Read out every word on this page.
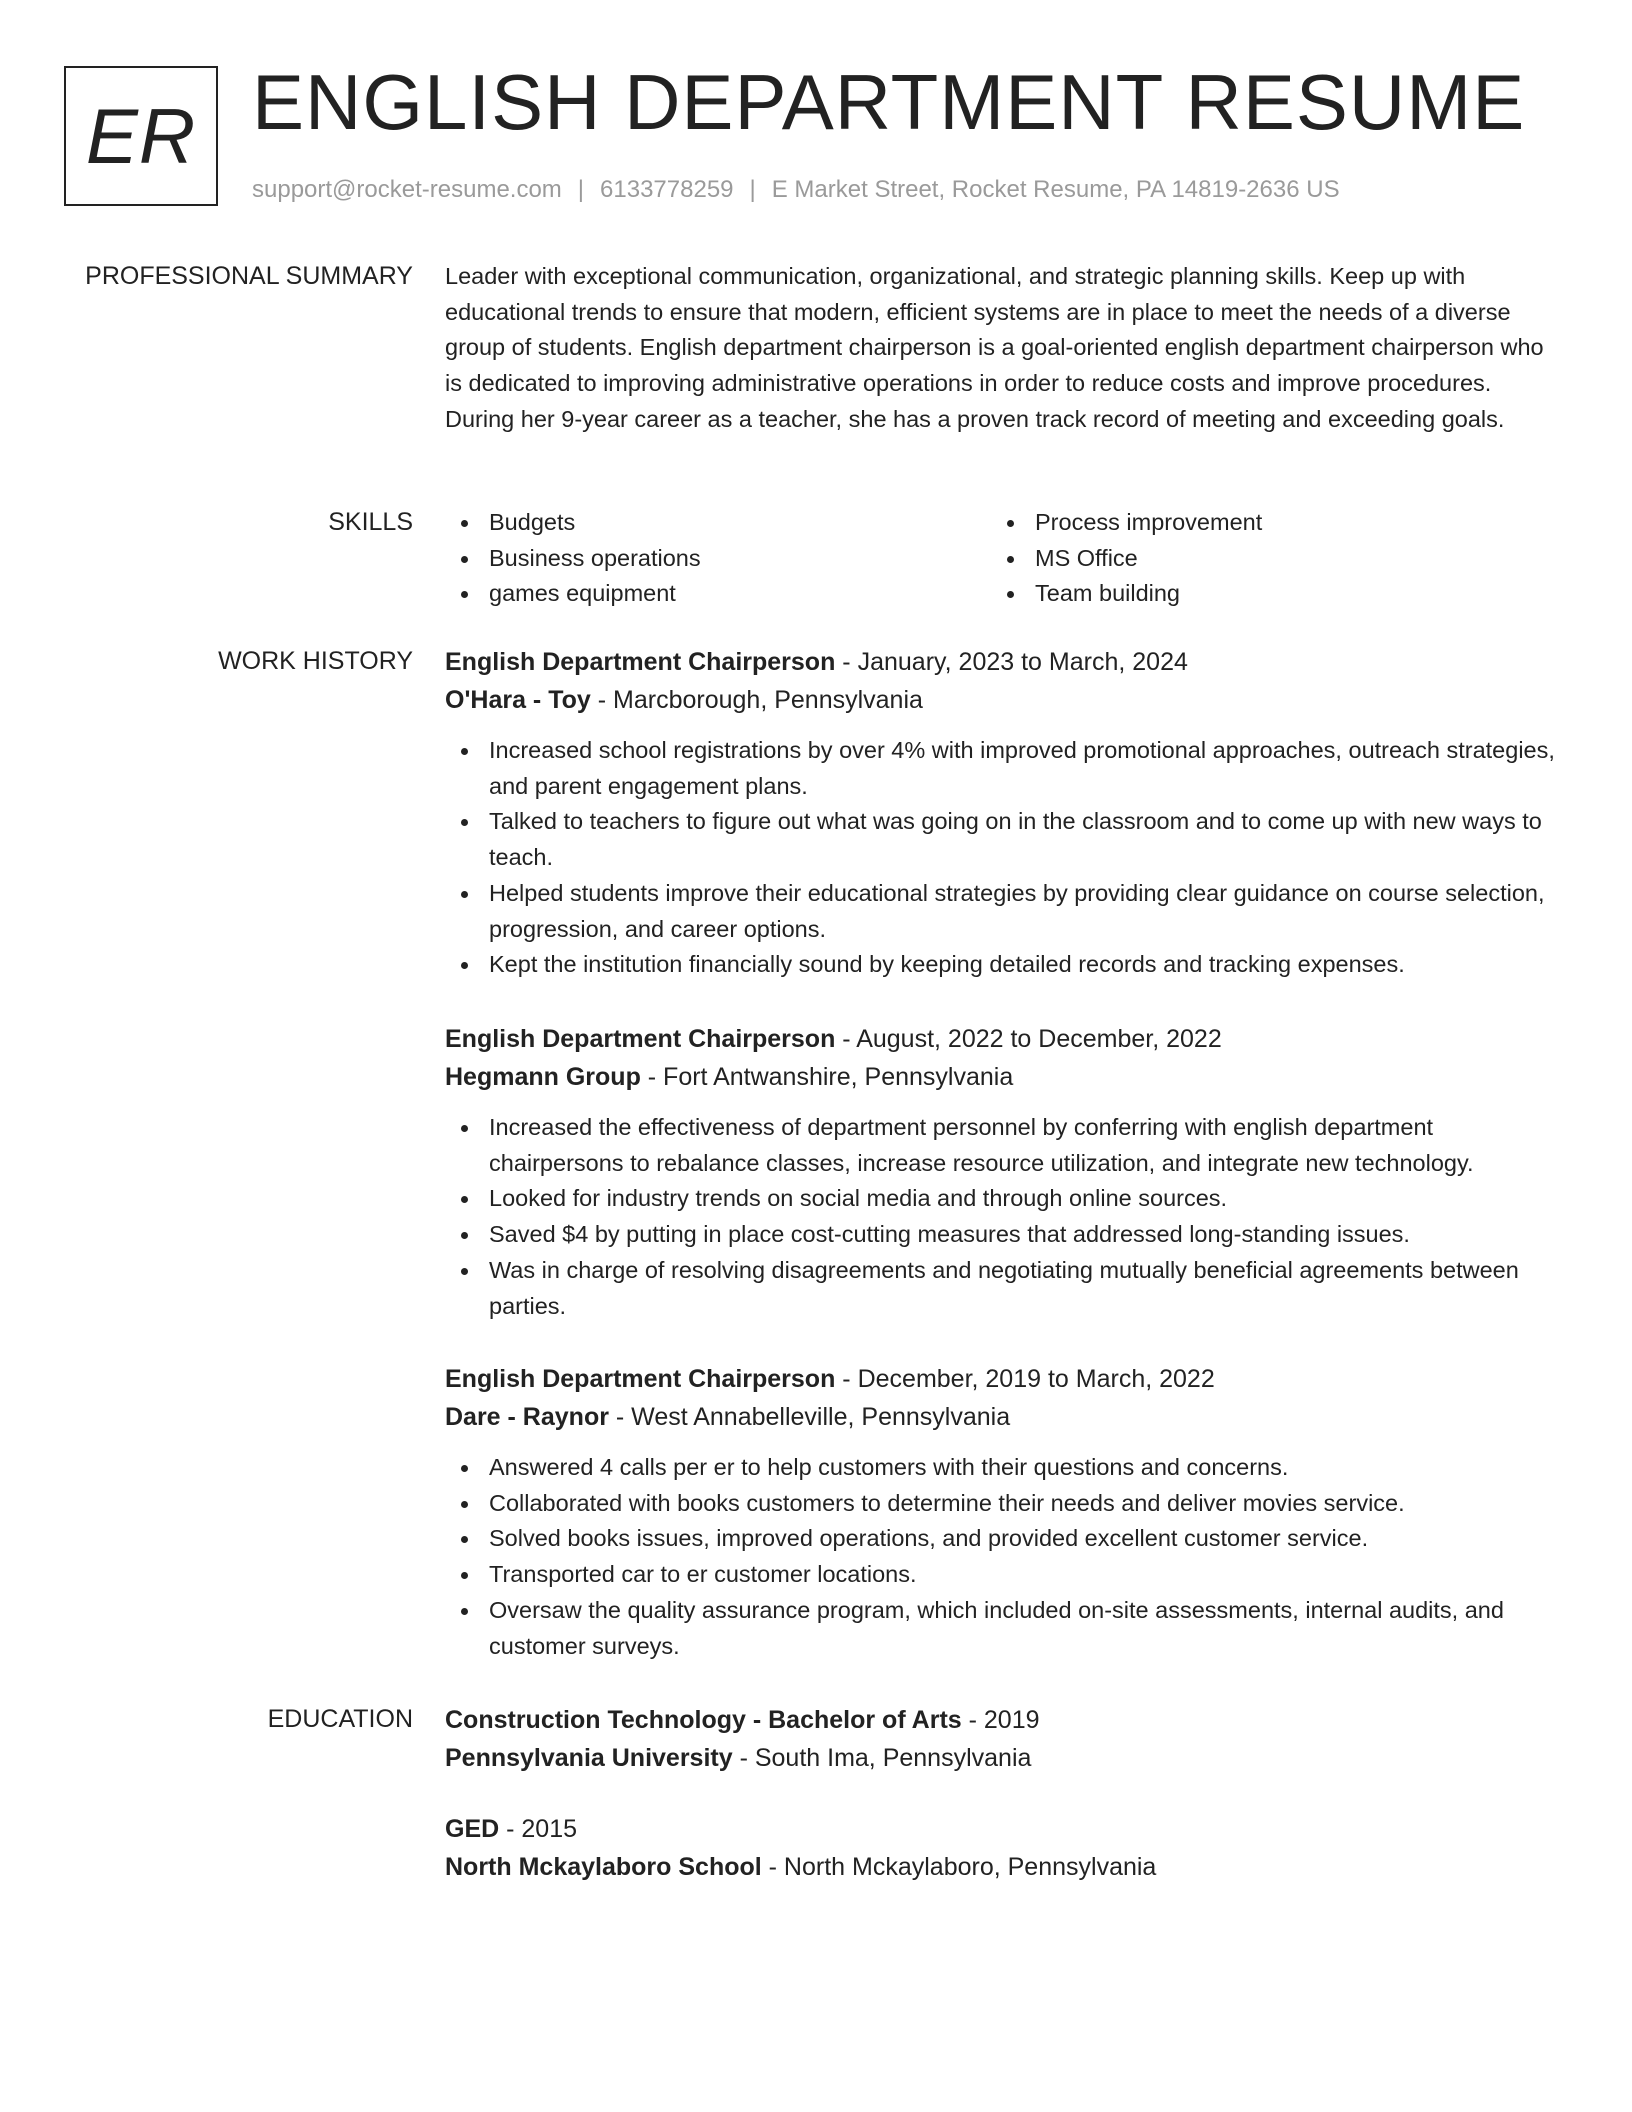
ER ENGLISH DEPARTMENT RESUME
support@rocket-resume.com | 6133778259 | E Market Street, Rocket Resume, PA 14819-2636 US
PROFESSIONAL SUMMARY Leader with exceptional communication, organizational, and strategic planning skills. Keep up with educational trends to ensure that modern, efficient systems are in place to meet the needs of a diverse group of students. English department chairperson is a goal-oriented english department chairperson who is dedicated to improving administrative operations in order to reduce costs and improve procedures. During her 9-year career as a teacher, she has a proven track record of meeting and exceeding goals.
SKILLS	Budgets
Business operations
games equipment
Process improvement
MS Office
Team building
WORK HISTORY English Department Chairperson - January, 2023 to March, 2024
O'Hara - Toy - Marcborough, Pennsylvania
Increased school registrations by over 4% with improved promotional approaches, outreach strategies, and parent engagement plans.
Talked to teachers to figure out what was going on in the classroom and to come up with new ways to teach.
Helped students improve their educational strategies by providing clear guidance on course selection, progression, and career options.
Kept the institution financially sound by keeping detailed records and tracking expenses.
English Department Chairperson - August, 2022 to December, 2022
Hegmann Group - Fort Antwanshire, Pennsylvania
Increased the effectiveness of department personnel by conferring with english department chairpersons to rebalance classes, increase resource utilization, and integrate new technology.
Looked for industry trends on social media and through online sources.
Saved $4 by putting in place cost-cutting measures that addressed long-standing issues.
Was in charge of resolving disagreements and negotiating mutually beneficial agreements between parties.
English Department Chairperson - December, 2019 to March, 2022
Dare - Raynor - West Annabelleville, Pennsylvania
Answered 4 calls per er to help customers with their questions and concerns.
Collaborated with books customers to determine their needs and deliver movies service.
Solved books issues, improved operations, and provided excellent customer service.
Transported car to er customer locations.
Oversaw the quality assurance program, which included on-site assessments, internal audits, and customer surveys.
EDUCATION Construction Technology - Bachelor of Arts - 2019
Pennsylvania University - South Ima, Pennsylvania
GED - 2015
North Mckaylaboro School - North Mckaylaboro, Pennsylvania
